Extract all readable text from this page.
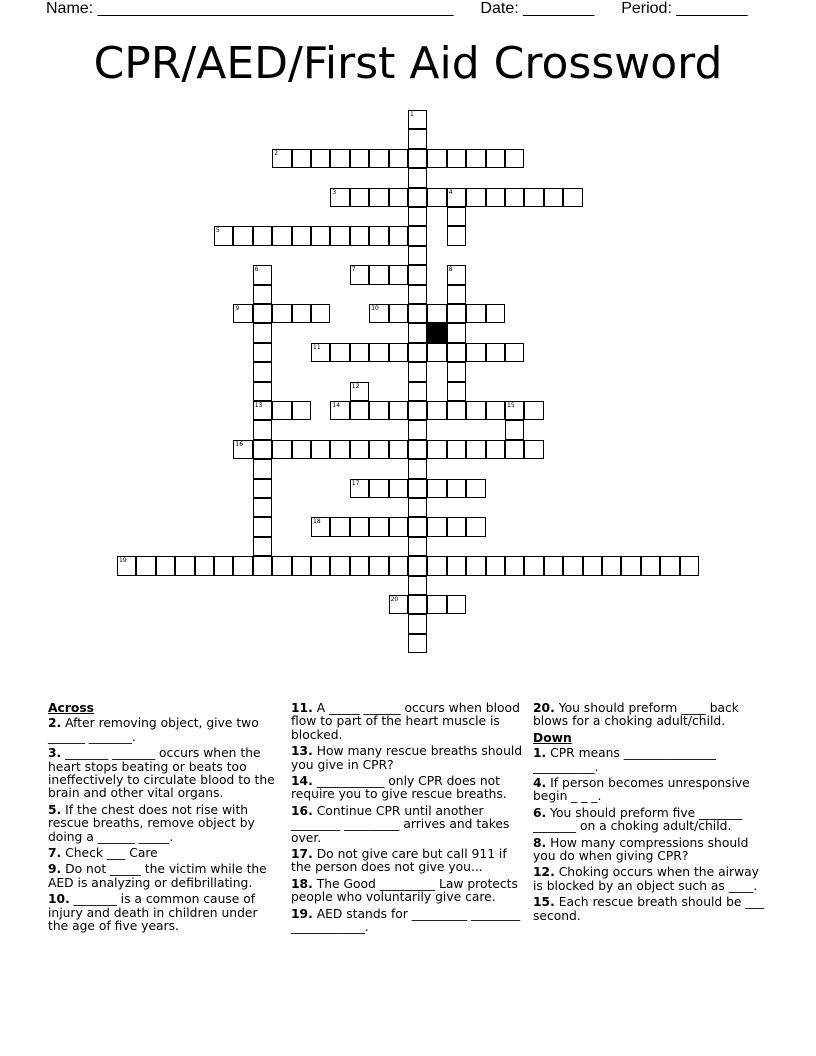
Name: ________________________________________ Date: ________ Period: ________
CPR/AED/First Aid Crossword
1
2
3	4
5
6
13
7	8
9	10
11
12
14	15
16
17
18
19
20
Across
2. After removing object, give two ______ _______.
3. _______ _______ occurs when the heart stops beating or beats too ineffectively to circulate blood to the brain and other vital organs.
5. If the chest does not rise with rescue breaths, remove object by doing a ______ _____.
7. Check ___ Care
9. Do not _____ the victim while the AED is analyzing or defibrillating.
10. _______ is a common cause of injury and death in children under the age of five years.
11. A _____ ______ occurs when blood flow to part of the heart muscle is blocked.
13. How many rescue breaths should you give in CPR?
14. ___________ only CPR does not require you to give rescue breaths.
16. Continue CPR until another ________ _________ arrives and takes over.
17. Do not give care but call 911 if the person does not give you...
18. The Good _________ Law protects people who voluntarily give care.
19. AED stands for _________ ________ ____________.
20. You should preform ____ back blows for a choking adult/child.
Down
1. CPR means _______________ __________.
4. If person becomes unresponsive begin _ _ _.
6. You should preform five _______ _______ on a choking adult/child.
8. How many compressions should you do when giving CPR?
12. Choking occurs when the airway is blocked by an object such as ____.
15. Each rescue breath should be ___ second.
